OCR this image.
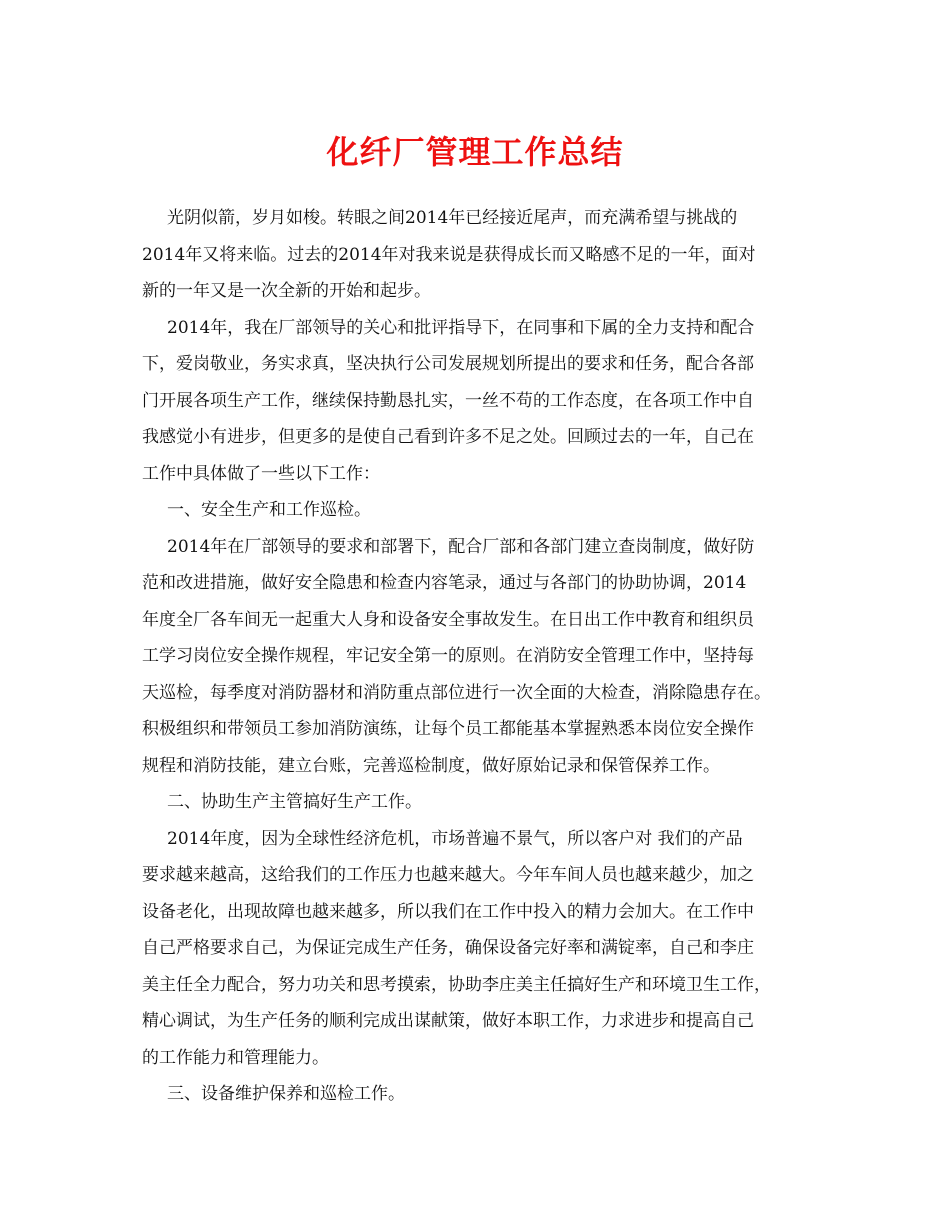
化纤厂管理工作总结
光阴似箭，岁月如梭。转眼之间2014年已经接近尾声，而充满希望与挑战的
2014年又将来临。过去的2014年对我来说是获得成长而又略感不足的一年，面对
新的一年又是一次全新的开始和起步。
2014年，我在厂部领导的关心和批评指导下，在同事和下属的全力支持和配合
下，爱岗敬业，务实求真，坚决执行公司发展规划所提出的要求和任务，配合各部
门开展各项生产工作，继续保持勤恳扎实，一丝不苟的工作态度，在各项工作中自
我感觉小有进步，但更多的是使自己看到许多不足之处。回顾过去的一年，自己在
工作中具体做了一些以下工作：
一、安全生产和工作巡检。
2014年在厂部领导的要求和部署下，配合厂部和各部门建立查岗制度，做好防
范和改进措施，做好安全隐患和检查内容笔录，通过与各部门的协助协调，2014
年度全厂各车间无一起重大人身和设备安全事故发生。在日出工作中教育和组织员
工学习岗位安全操作规程，牢记安全第一的原则。在消防安全管理工作中，坚持每
天巡检，每季度对消防器材和消防重点部位进行一次全面的大检查，消除隐患存在。
积极组织和带领员工参加消防演练，让每个员工都能基本掌握熟悉本岗位安全操作
规程和消防技能，建立台账，完善巡检制度，做好原始记录和保管保养工作。
二、协助生产主管搞好生产工作。
2014年度，因为全球性经济危机，市场普遍不景气，所以客户对 我们的产品
要求越来越高，这给我们的工作压力也越来越大。今年车间人员也越来越少，加之
设备老化，出现故障也越来越多，所以我们在工作中投入的精力会加大。在工作中
自己严格要求自己，为保证完成生产任务，确保设备完好率和满锭率，自己和李庄
美主任全力配合，努力功关和思考摸索，协助李庄美主任搞好生产和环境卫生工作，
精心调试，为生产任务的顺利完成出谋献策，做好本职工作，力求进步和提高自己
的工作能力和管理能力。
三、设备维护保养和巡检工作。
